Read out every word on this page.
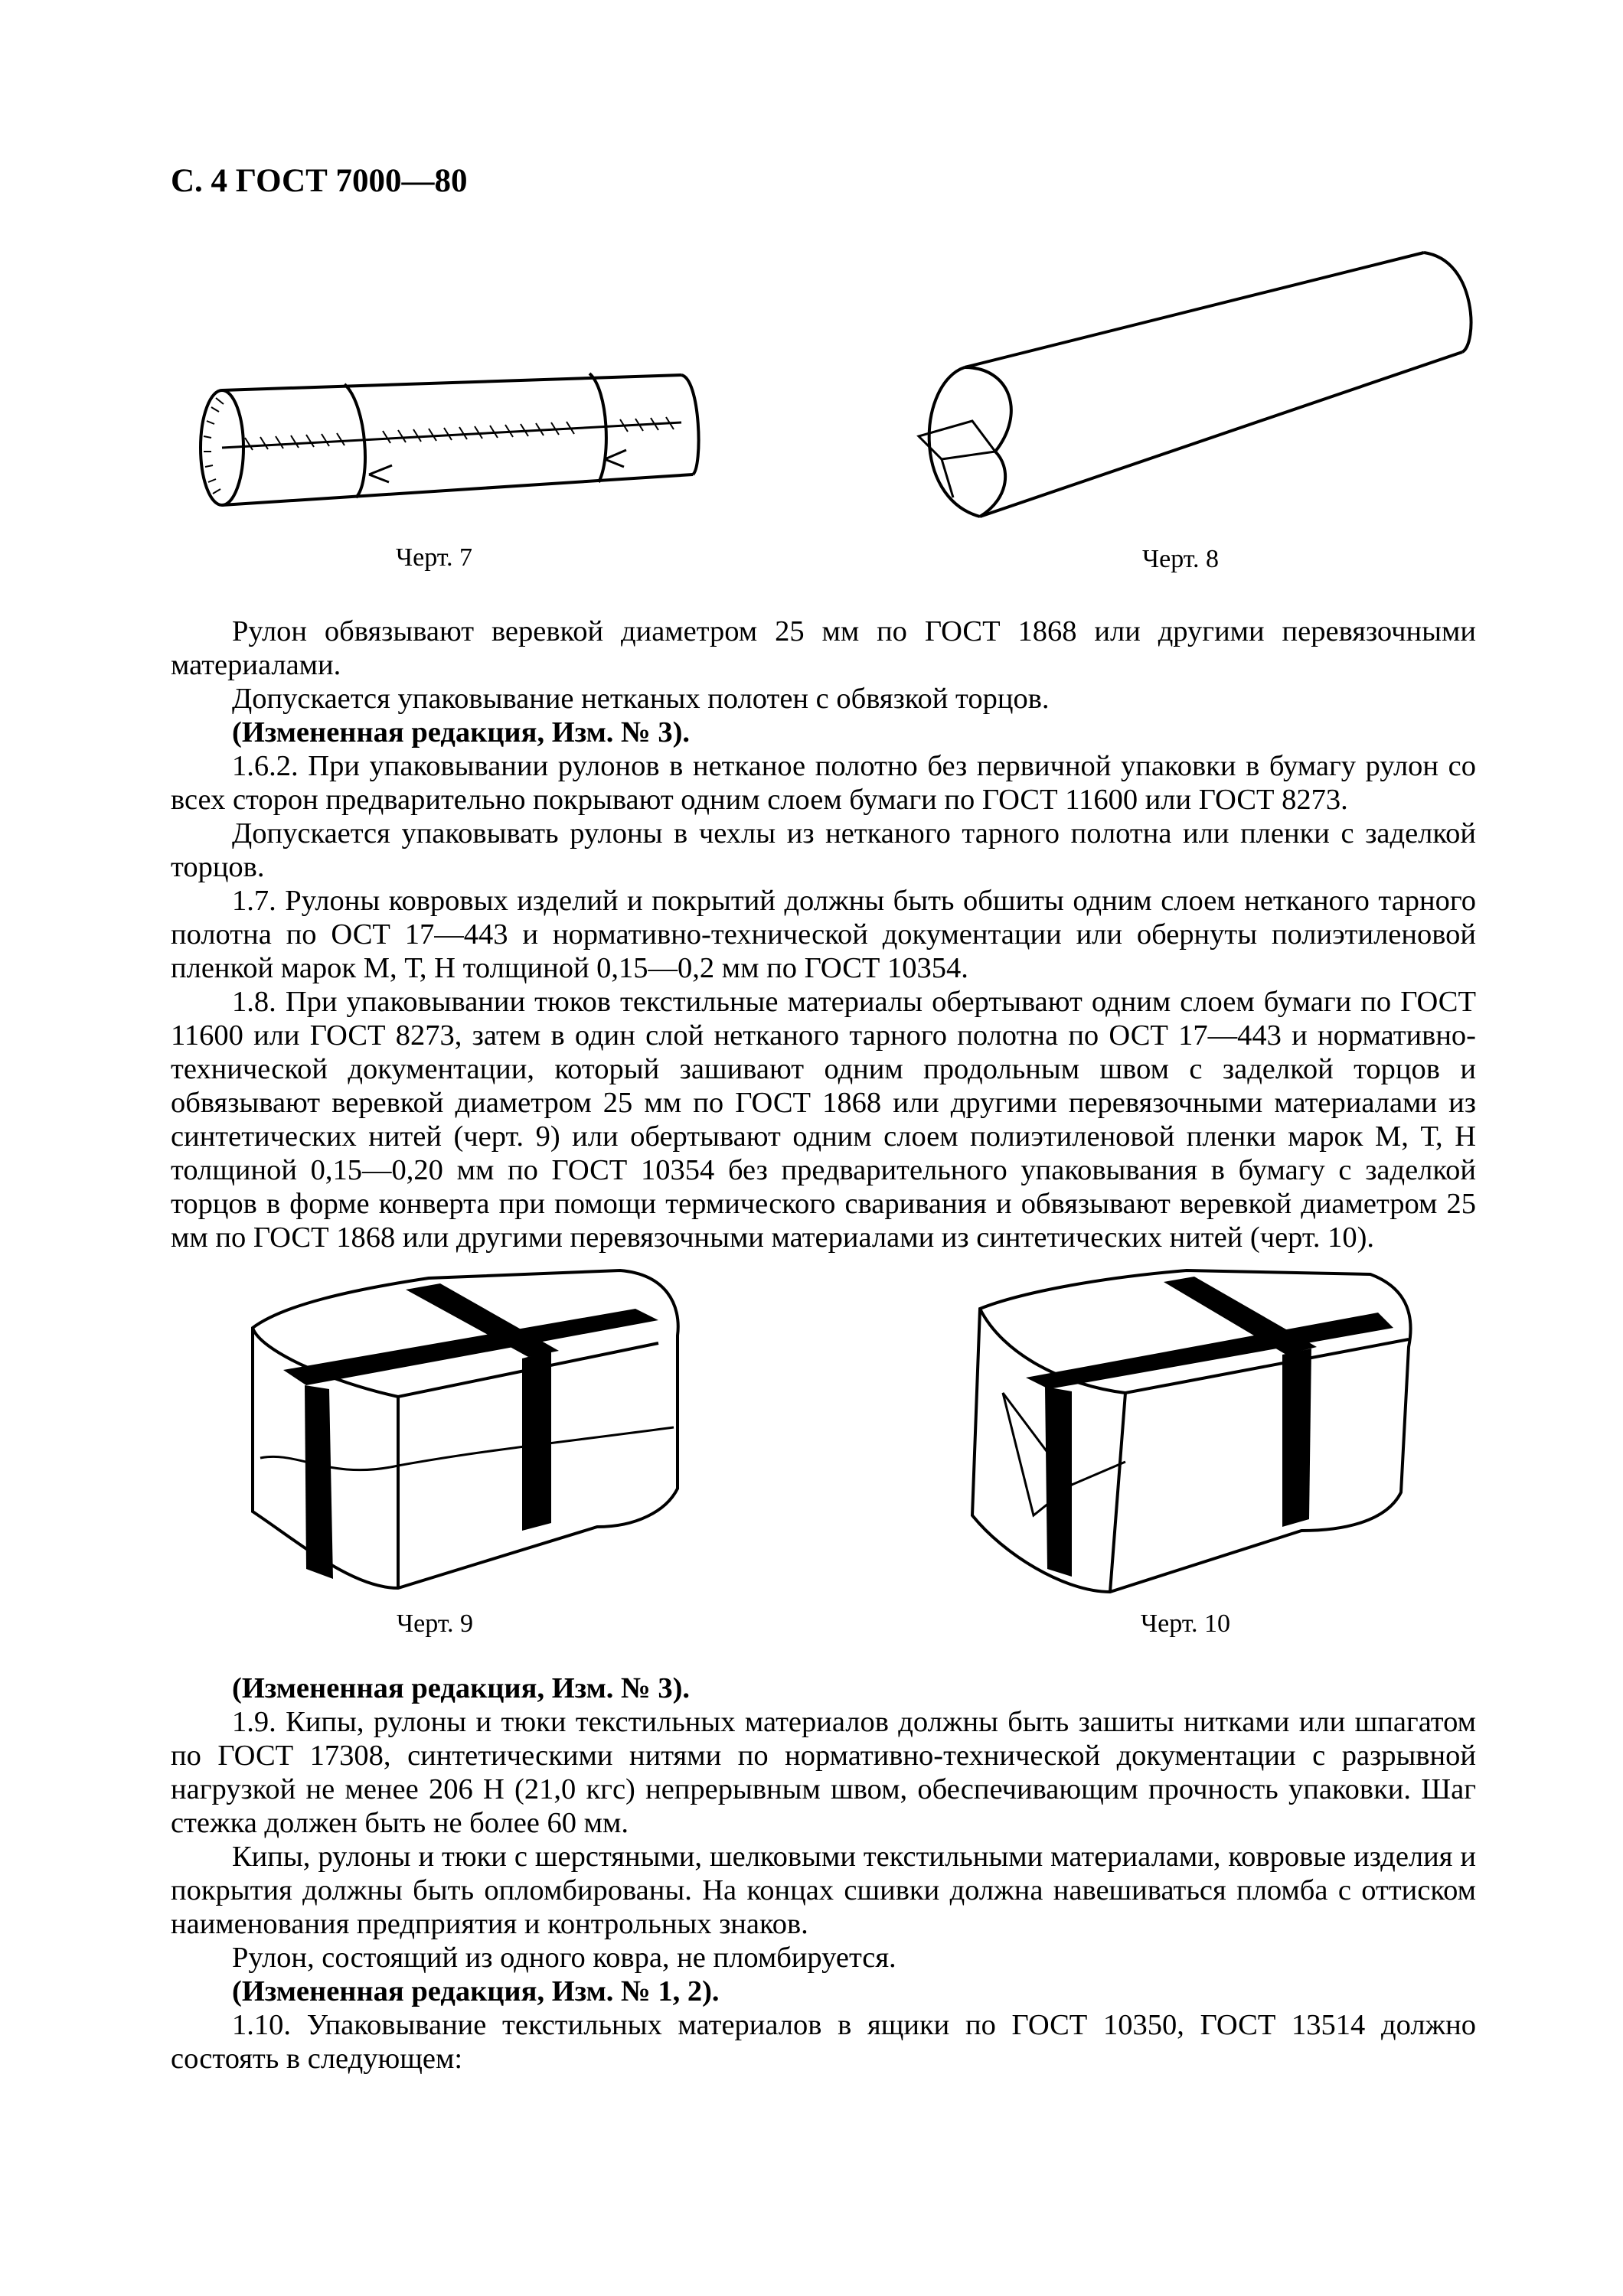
С. 4 ГОСТ 7000—80
Черт. 7	Черт. 8

Рулон обвязывают веревкой диаметром 25 мм по ГОСТ 1868 или другими перевязочными материалами.

Допускается упаковывание нетканых полотен с обвязкой торцов.

(Измененная редакция, Изм. № 3).

1.6.2. При упаковывании рулонов в нетканое полотно без первичной упаковки в бумагу рулон со всех сторон предварительно покрывают одним слоем бумаги по ГОСТ 11600 или ГОСТ 8273.

Допускается упаковывать рулоны в чехлы из нетканого тарного полотна или пленки с заделкой торцов.

1.7. Рулоны ковровых изделий и покрытий должны быть обшиты одним слоем нетканого тарного полотна по ОСТ 17—443 и нормативно-технической документации или обернуты полиэтиленовой пленкой марок М, Т, Н толщиной 0,15—0,2 мм по ГОСТ 10354.

1.8. При упаковывании тюков текстильные материалы обертывают одним слоем бумаги по ГОСТ 11600 или ГОСТ 8273, затем в один слой нетканого тарного полотна по ОСТ 17—443 и нормативно-технической документации, который зашивают одним продольным швом с заделкой торцов и обвязывают веревкой диаметром 25 мм по ГОСТ 1868 или другими перевязочными материалами из синтетических нитей (черт. 9) или обертывают одним слоем полиэтиленовой пленки марок М, Т, Н толщиной 0,15—0,20 мм по ГОСТ 10354 без предварительного упаковывания в бумагу с заделкой торцов в форме конверта при помощи термического сваривания и обвязывают веревкой диаметром 25 мм по ГОСТ 1868 или другими перевязочными материалами из синтетических нитей (черт. 10).

Черт. 9	Черт. 10

(Измененная редакция, Изм. № 3).

1.9. Кипы, рулоны и тюки текстильных материалов должны быть зашиты нитками или шпагатом по ГОСТ 17308, синтетическими нитями по нормативно-технической документации с разрывной нагрузкой не менее 206 Н (21,0 кгс) непрерывным швом, обеспечивающим прочность упаковки. Шаг стежка должен быть не более 60 мм.

Кипы, рулоны и тюки с шерстяными, шелковыми текстильными материалами, ковровые изделия и покрытия должны быть опломбированы. На концах сшивки должна навешиваться пломба с оттиском наименования предприятия и контрольных знаков.

Рулон, состоящий из одного ковра, не пломбируется.

(Измененная редакция, Изм. № 1, 2).

1.10. Упаковывание текстильных материалов в ящики по ГОСТ 10350, ГОСТ 13514 должно состоять в следующем:
